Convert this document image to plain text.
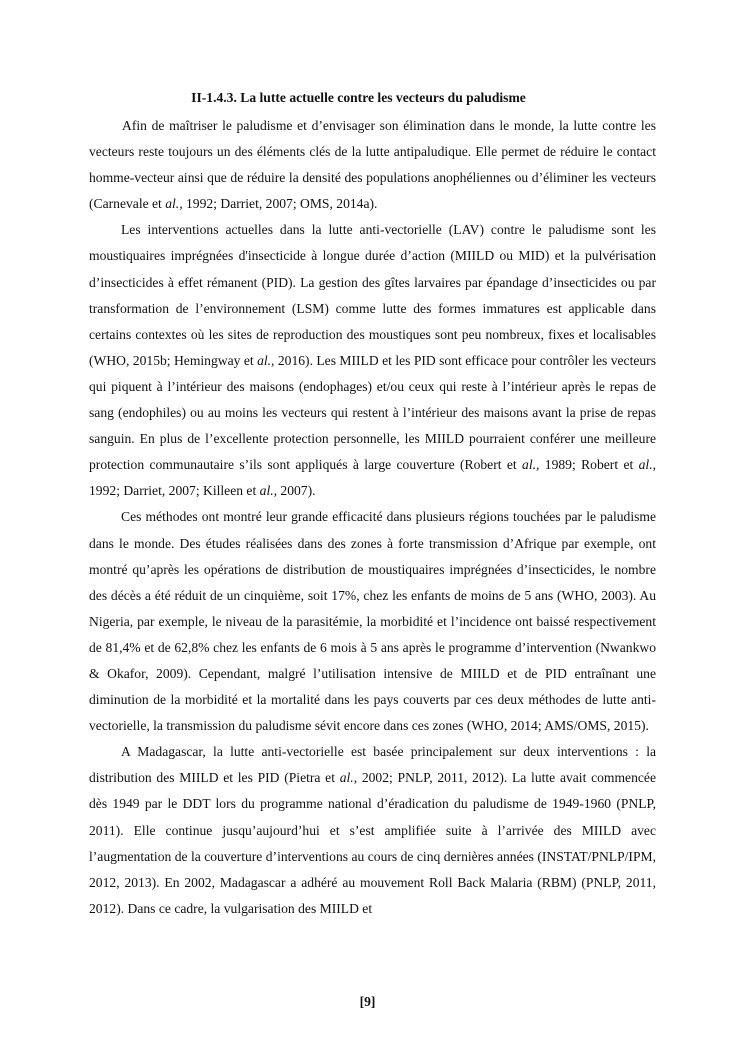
II-1.4.3. La lutte actuelle contre les vecteurs du paludisme

Afin de maîtriser le paludisme et d’envisager son élimination dans le monde, la lutte contre les vecteurs reste toujours un des éléments clés de la lutte antipaludique. Elle permet de réduire le contact homme-vecteur ainsi que de réduire la densité des populations anophéliennes ou d’éliminer les vecteurs (Carnevale et al., 1992; Darriet, 2007; OMS, 2014a).

Les interventions actuelles dans la lutte anti-vectorielle (LAV) contre le paludisme sont les moustiquaires imprégnées d'insecticide à longue durée d’action (MIILD ou MID) et la pulvérisation d’insecticides à effet rémanent (PID). La gestion des gîtes larvaires par épandage d’insecticides ou par transformation de l’environnement (LSM) comme lutte des formes immatures est applicable dans certains contextes où les sites de reproduction des moustiques sont peu nombreux, fixes et localisables (WHO, 2015b; Hemingway et al., 2016). Les MIILD et les PID sont efficace pour contrôler les vecteurs qui piquent à l’intérieur des maisons (endophages) et/ou ceux qui reste à l’intérieur après le repas de sang (endophiles) ou au moins les vecteurs qui restent à l’intérieur des maisons avant la prise de repas sanguin. En plus de l’excellente protection personnelle, les MIILD pourraient conférer une meilleure protection communautaire s’ils sont appliqués à large couverture (Robert et al., 1989; Robert et al., 1992; Darriet, 2007; Killeen et al., 2007).

Ces méthodes ont montré leur grande efficacité dans plusieurs régions touchées par le paludisme dans le monde. Des études réalisées dans des zones à forte transmission d’Afrique par exemple, ont montré qu’après les opérations de distribution de moustiquaires imprégnées d’insecticides, le nombre des décès a été réduit de un cinquième, soit 17%, chez les enfants de moins de 5 ans (WHO, 2003). Au Nigeria, par exemple, le niveau de la parasitémie, la morbidité et l’incidence ont baissé respectivement de 81,4% et de 62,8% chez les enfants de 6 mois à 5 ans après le programme d’intervention (Nwankwo & Okafor, 2009). Cependant, malgré l’utilisation intensive de MIILD et de PID entraînant une diminution de la morbidité et la mortalité dans les pays couverts par ces deux méthodes de lutte anti-vectorielle, la transmission du paludisme sévit encore dans ces zones (WHO, 2014; AMS/OMS, 2015).

A Madagascar, la lutte anti-vectorielle est basée principalement sur deux interventions : la distribution des MIILD et les PID (Pietra et al., 2002; PNLP, 2011, 2012). La lutte avait commencée dès 1949 par le DDT lors du programme national d’éradication du paludisme de 1949-1960 (PNLP, 2011). Elle continue jusqu’aujourd’hui et s’est amplifiée suite à l’arrivée des MIILD avec l’augmentation de la couverture d’interventions au cours de cinq dernières années (INSTAT/PNLP/IPM, 2012, 2013). En 2002, Madagascar a adhéré au mouvement Roll Back Malaria (RBM) (PNLP, 2011, 2012). Dans ce cadre, la vulgarisation des MIILD et

[9]
